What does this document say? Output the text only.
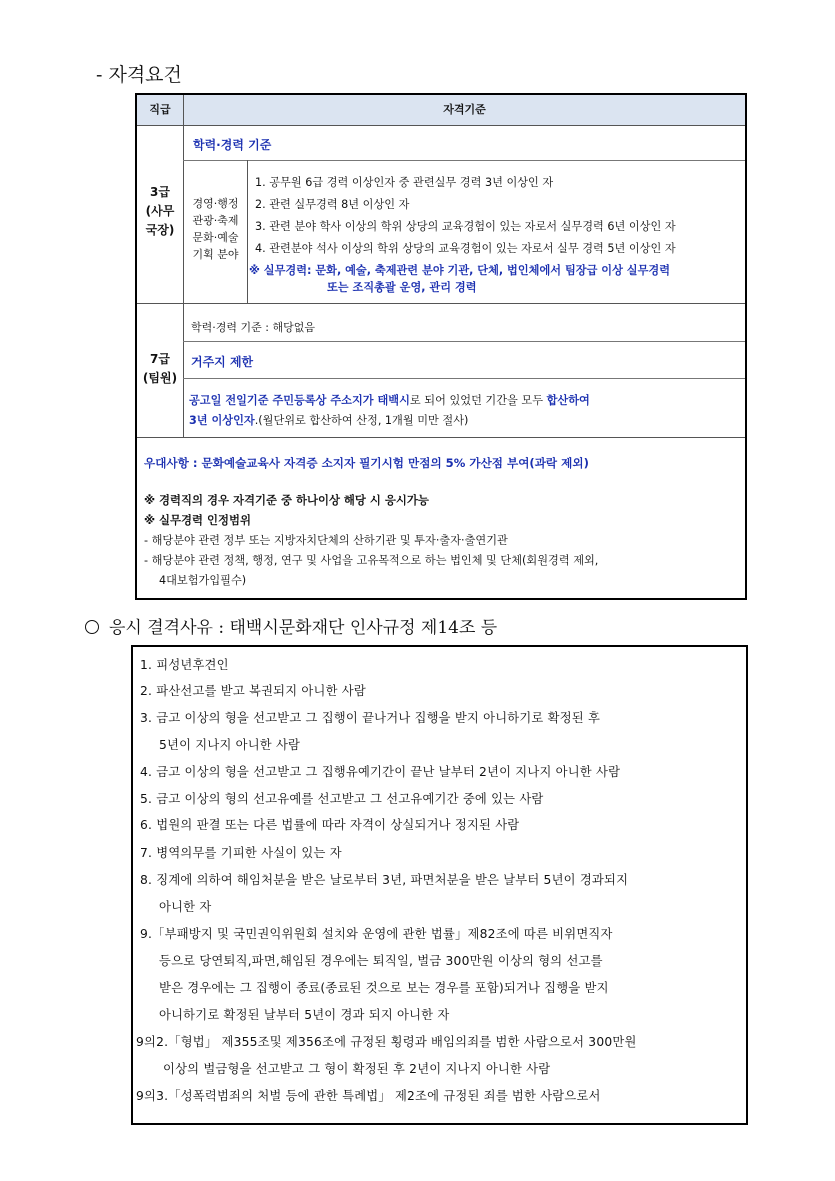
- 자격요건
직급	자격기준
3급
(사무
국장)
학력·경력 기준
경영·행정
관광·축제
문화·예술
기획 분야
1. 공무원 6급 경력 이상인자 중 관련실무 경력 3년 이상인 자
2. 관련 실무경력 8년 이상인 자
3. 관련 분야 학사 이상의 학위 상당의 교육경험이 있는 자로서 실무경력 6년 이상인 자
4. 관련분야 석사 이상의 학위 상당의 교육경험이 있는 자로서 실무 경력 5년 이상인 자
※ 실무경력: 문화, 예술, 축제관련 분야 기관, 단체, 법인체에서 팀장급 이상 실무경력
또는 조직총괄 운영, 관리 경력
7급
(팀원)
학력·경력 기준 : 해당없음
거주지 제한
공고일 전일기준 주민등록상 주소지가 태백시로 되어 있었던 기간을 모두 합산하여
3년 이상인자.(월단위로 합산하여 산정, 1개월 미만 절사)
우대사항 : 문화예술교육사 자격증 소지자 필기시험 만점의 5% 가산점 부여(과락 제외)
※ 경력직의 경우 자격기준 중 하나이상 해당 시 응시가능
※ 실무경력 인정범위
- 해당분야 관련 정부 또는 지방자치단체의 산하기관 및 투자·출자·출연기관
- 해당분야 관련 정책, 행정, 연구 및 사업을 고유목적으로 하는 법인체 및 단체(회원경력 제외,
4대보험가입필수)
응시 결격사유 : 태백시문화재단 인사규정 제14조 등
1. 피성년후견인
2. 파산선고를 받고 복권되지 아니한 사람
3. 금고 이상의 형을 선고받고 그 집행이 끝나거나 집행을 받지 아니하기로 확정된 후
5년이 지나지 아니한 사람
4. 금고 이상의 형을 선고받고 그 집행유예기간이 끝난 날부터 2년이 지나지 아니한 사람
5. 금고 이상의 형의 선고유예를 선고받고 그 선고유예기간 중에 있는 사람
6. 법원의 판결 또는 다른 법률에 따라 자격이 상실되거나 정지된 사람
7. 병역의무를 기피한 사실이 있는 자
8. 징계에 의하여 해임처분을 받은 날로부터 3년, 파면처분을 받은 날부터 5년이 경과되지
아니한 자
9.「부패방지 및 국민권익위원회 설치와 운영에 관한 법률」제82조에 따른 비위면직자
등으로 당연퇴직,파면,해임된 경우에는 퇴직일, 벌금 300만원 이상의 형의 선고를
받은 경우에는 그 집행이 종료(종료된 것으로 보는 경우를 포함)되거나 집행을 받지
아니하기로 확정된 날부터 5년이 경과 되지 아니한 자
9의2.「형법」 제355조및 제356조에 규정된 횡령과 배임의죄를 범한 사람으로서 300만원
이상의 벌금형을 선고받고 그 형이 확정된 후 2년이 지나지 아니한 사람
9의3.「성폭력범죄의 처벌 등에 관한 특례법」 제2조에 규정된 죄를 범한 사람으로서
